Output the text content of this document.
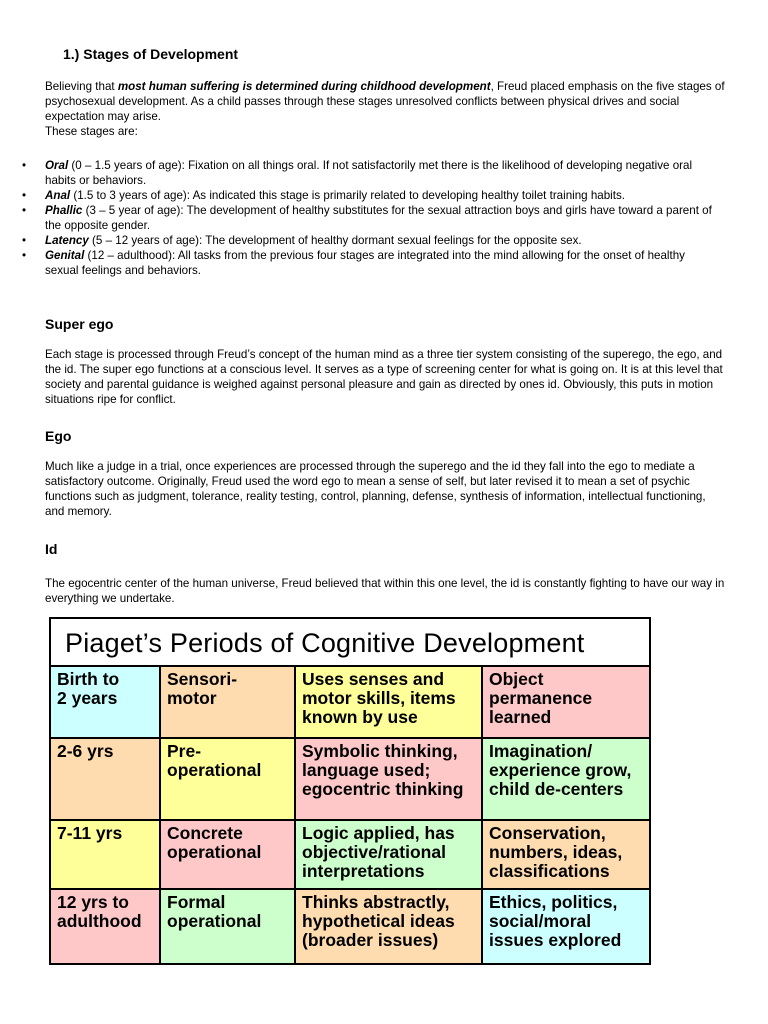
1.) Stages of Development
Believing that most human suffering is determined during childhood development, Freud placed emphasis on the five stages of psychosexual development. As a child passes through these stages unresolved conflicts between physical drives and social expectation may arise.
These stages are:
• Oral (0 – 1.5 years of age): Fixation on all things oral. If not satisfactorily met there is the likelihood of developing negative oral habits or behaviors.
• Anal (1.5 to 3 years of age): As indicated this stage is primarily related to developing healthy toilet training habits.
• Phallic (3 – 5 year of age): The development of healthy substitutes for the sexual attraction boys and girls have toward a parent of the opposite gender.
• Latency (5 – 12 years of age): The development of healthy dormant sexual feelings for the opposite sex.
• Genital (12 – adulthood): All tasks from the previous four stages are integrated into the mind allowing for the onset of healthy sexual feelings and behaviors.
Super ego
Each stage is processed through Freud’s concept of the human mind as a three tier system consisting of the superego, the ego, and the id. The super ego functions at a conscious level. It serves as a type of screening center for what is going on. It is at this level that society and parental guidance is weighed against personal pleasure and gain as directed by ones id. Obviously, this puts in motion situations ripe for conflict.
Ego
Much like a judge in a trial, once experiences are processed through the superego and the id they fall into the ego to mediate a satisfactory outcome. Originally, Freud used the word ego to mean a sense of self, but later revised it to mean a set of psychic functions such as judgment, tolerance, reality testing, control, planning, defense, synthesis of information, intellectual functioning, and memory.
Id
The egocentric center of the human universe, Freud believed that within this one level, the id is constantly fighting to have our way in everything we undertake.
Piaget’s Periods of Cognitive Development
Birth to
2 years
Sensori-
motor
Uses senses and motor skills, items known by use
Object permanence learned
2-6 yrs	Pre-
operational
Symbolic thinking, language used; egocentric thinking
Imagination/ experience grow, child de-centers
7-11 yrs	Concrete operational
Logic applied, has objective/rational interpretations
Conservation, numbers, ideas, classifications
12 yrs to adulthood
Formal operational
Thinks abstractly, hypothetical ideas (broader issues)
Ethics, politics, social/moral issues explored
